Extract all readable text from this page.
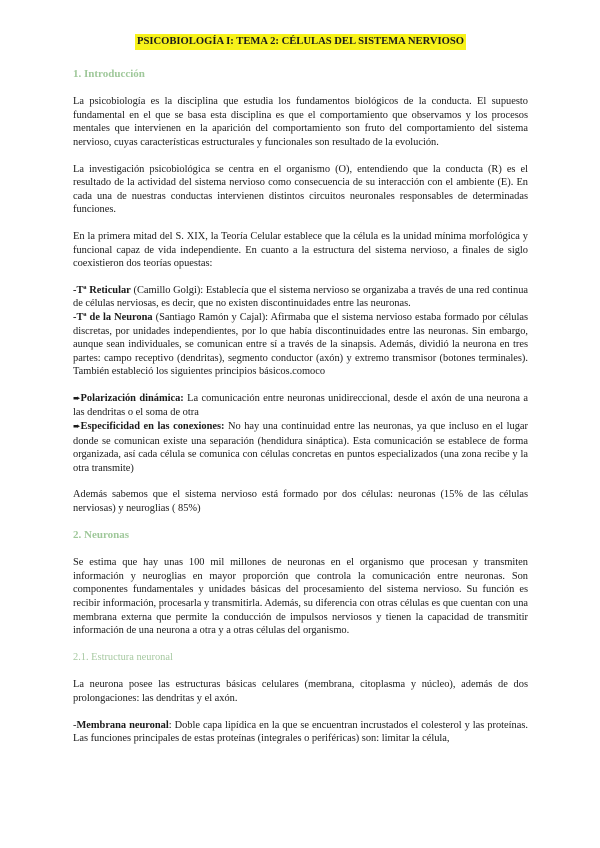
PSICOBIOLOGÍA I: TEMA 2: CÉLULAS DEL SISTEMA NERVIOSO
1. Introducción

La psicobiología es la disciplina que estudia los fundamentos biológicos de la conducta. El supuesto fundamental en el que se basa esta disciplina es que el comportamiento que observamos y los procesos mentales que intervienen en la aparición del comportamiento son fruto del comportamiento del sistema nervioso, cuyas características estructurales y funcionales son resultado de la evolución.

La investigación psicobiológica se centra en el organismo (O), entendiendo que la conducta (R) es el resultado de la actividad del sistema nervioso como consecuencia de su interacción con el ambiente (E). En cada una de nuestras conductas intervienen distintos circuitos neuronales responsables de determinadas funciones.

En la primera mitad del S. XIX, la Teoría Celular establece que la célula es la unidad mínima morfológica y funcional capaz de vida independiente. En cuanto a la estructura del sistema nervioso, a finales de siglo coexistieron dos teorías opuestas:

-Tª Reticular (Camillo Golgi): Establecía que el sistema nervioso se organizaba a través de una red continua de células nerviosas, es decir, que no existen discontinuidades entre las neuronas.

-Tª de la Neurona (Santiago Ramón y Cajal): Afirmaba que el sistema nervioso estaba formado por células discretas, por unidades independientes, por lo que había discontinuidades entre las neuronas. Sin embargo, aunque sean individuales, se comunican entre sí a través de la sinapsis. Además, dividió la neurona en tres partes: campo receptivo (dendritas), segmento conductor (axón) y extremo transmisor (botones terminales). También estableció los siguientes principios básicos.comoco

➨Polarización dinámica: La comunicación entre neuronas unidireccional, desde el axón de una neurona a las dendritas o el soma de otra

➨Especificidad en las conexiones: No hay una continuidad entre las neuronas, ya que incluso en el lugar donde se comunican existe una separación (hendidura sináptica). Esta comunicación se establece de forma organizada, así cada célula se comunica con células concretas en puntos especializados (una zona recibe y la otra transmite)

Además sabemos que el sistema nervioso está formado por dos células: neuronas (15% de las células nerviosas) y neuroglias ( 85%)

2. Neuronas

Se estima que hay unas 100 mil millones de neuronas en el organismo que procesan y transmiten información y neuroglias en mayor proporción que controla la comunicación entre neuronas. Son componentes fundamentales y unidades básicas del procesamiento del sistema nervioso. Su función es recibir información, procesarla y transmitirla. Además, su diferencia con otras células es que cuentan con una membrana externa que permite la conducción de impulsos nerviosos y tienen la capacidad de transmitir información de una neurona a otra y a otras células del organismo.

2.1. Estructura neuronal

La neurona posee las estructuras básicas celulares (membrana, citoplasma y núcleo), además de dos prolongaciones: las dendritas y el axón.

-Membrana neuronal: Doble capa lipídica en la que se encuentran incrustados el colesterol y las proteínas. Las funciones principales de estas proteínas (integrales o periféricas) son: limitar la célula,
